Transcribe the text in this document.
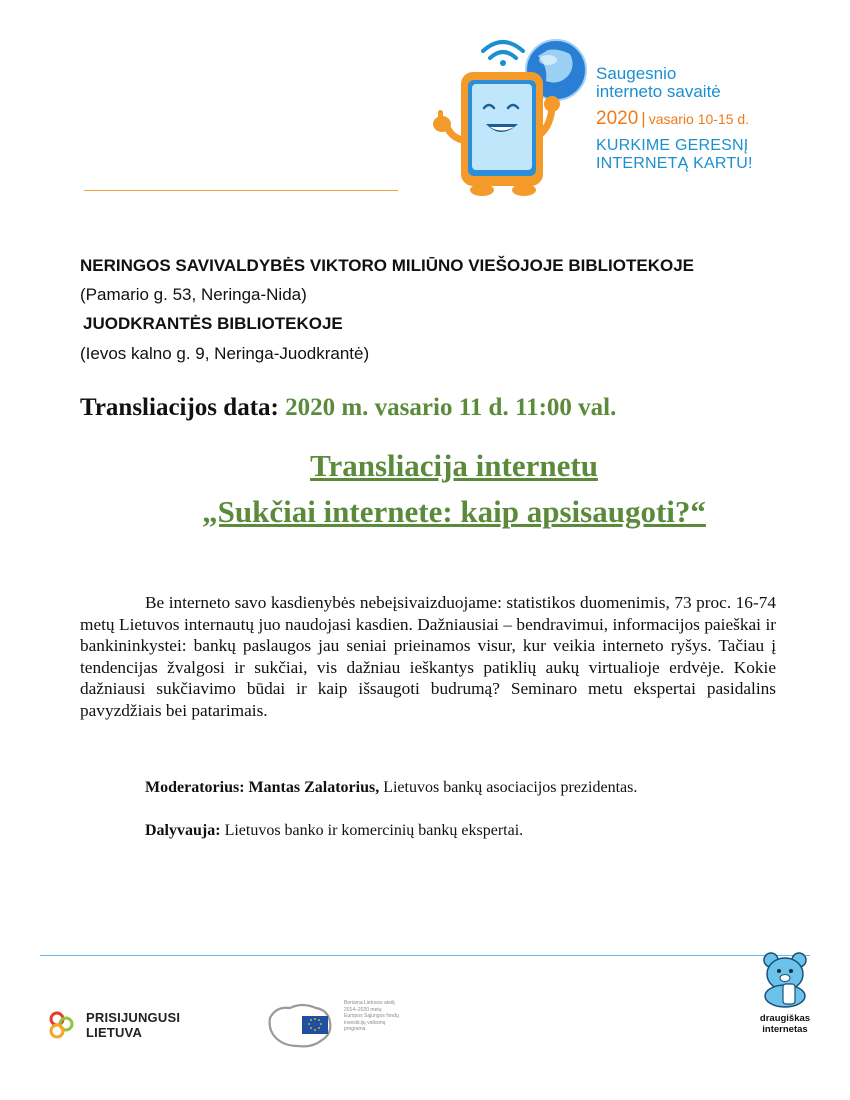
Saugesnio
interneto savaitė
2020 | vasario 10-15 d.
KURKIME GERESNĮ
INTERNETĄ KARTU!
NERINGOS SAVIVALDYBĖS VIKTORO MILIŪNO VIEŠOJOJE BIBLIOTEKOJE
(Pamario g. 53, Neringa-Nida)
JUODKRANTĖS BIBLIOTEKOJE
(Ievos kalno g. 9, Neringa-Juodkrantė)
Transliacijos data: 2020 m. vasario 11 d. 11:00 val.
Transliacija internetu
„Sukčiai internete: kaip apsisaugoti?“
Be interneto savo kasdienybės nebeįsivaizduojame: statistikos duomenimis, 73 proc. 16-74 metų Lietuvos internautų juo naudojasi kasdien. Dažniausiai – bendravimui, informacijos paieškai ir bankininkystei: bankų paslaugos jau seniai prieinamos visur, kur veikia interneto ryšys. Tačiau į tendencijas žvalgosi ir sukčiai, vis dažniau ieškantys patiklių aukų virtualioje erdvėje. Kokie dažniausi sukčiavimo būdai ir kaip išsaugoti budrumą? Seminaro metu ekspertai pasidalins pavyzdžiais bei patarimais.
Moderatorius: Mantas Zalatorius, Lietuvos bankų asociacijos prezidentas.
Dalyvauja: Lietuvos banko ir komercinių bankų ekspertai.
PRISIJUNGUSI
LIETUVA
Boriama Lietuvos ateitį 2014–2020 metų Europos Sąjungos fondų investicijų veiksmų programa
draugiškas
internetas
